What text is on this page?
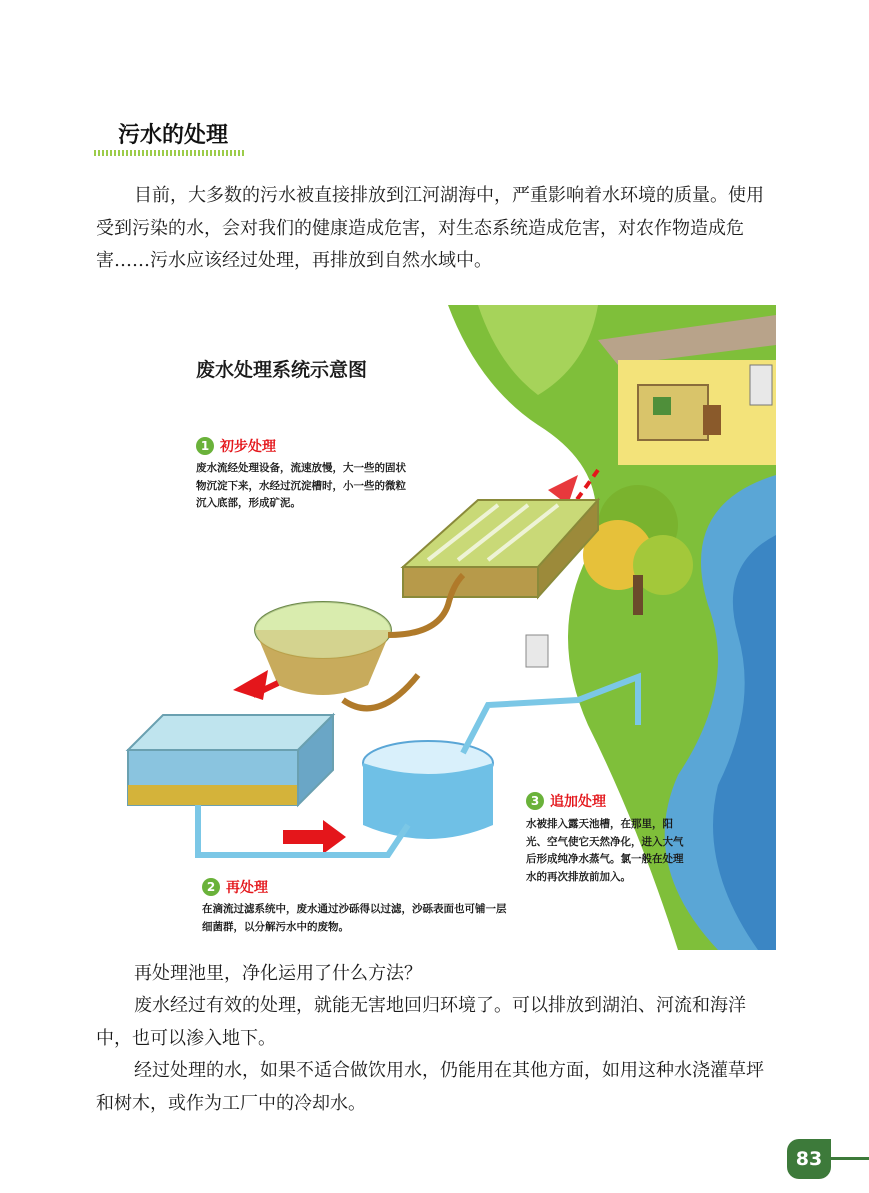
污水的处理

目前，大多数的污水被直接排放到江河湖海中，严重影响着水环境的质量。使用受到污染的水，会对我们的健康造成危害，对生态系统造成危害，对农作物造成危害……污水应该经过处理，再排放到自然水域中。

废水处理系统示意图
1 初步处理

废水流经处理设备，流速放慢，大一些的固状物沉淀下来，水经过沉淀槽时，小一些的微粒沉入底部，形成矿泥。

2 再处理

在滴流过滤系统中，废水通过沙砾得以过滤，沙砾表面也可铺一层细菌群，以分解污水中的废物。

3 追加处理

水被排入露天池槽，在那里，阳光、空气使它天然净化，进入大气后形成纯净水蒸气。氯一般在处理水的再次排放前加入。

再处理池里，净化运用了什么方法？

废水经过有效的处理，就能无害地回归环境了。可以排放到湖泊、河流和海洋中，也可以渗入地下。

经过处理的水，如果不适合做饮用水，仍能用在其他方面，如用这种水浇灌草坪和树木，或作为工厂中的冷却水。

83
